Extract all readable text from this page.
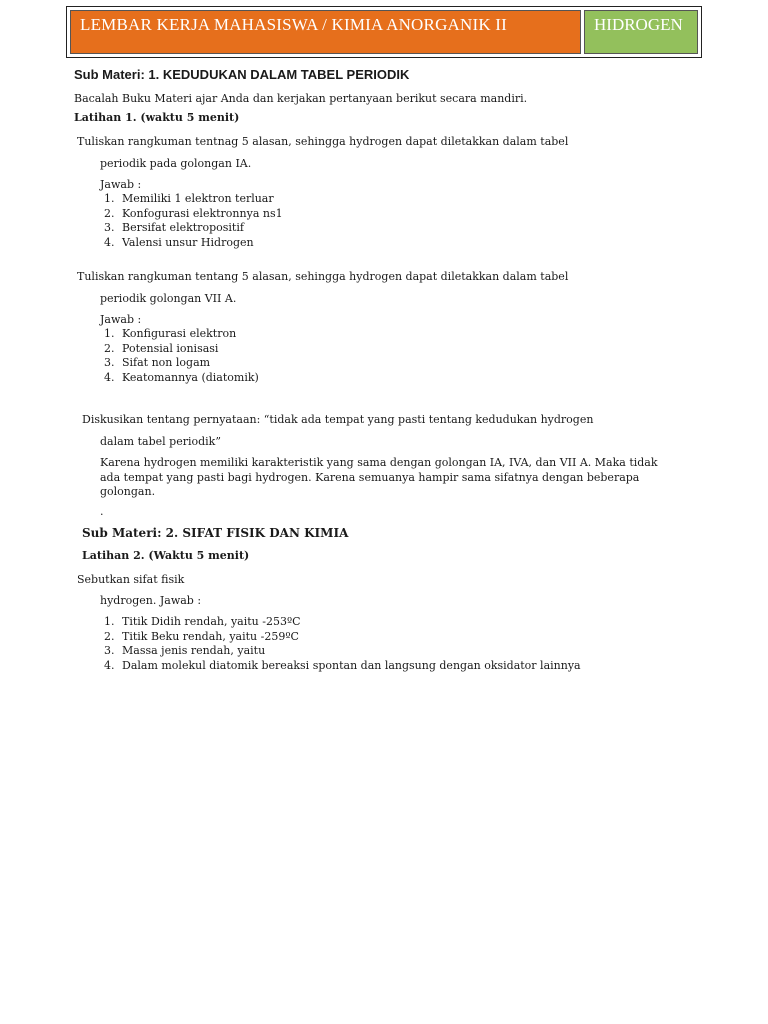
LEMBAR KERJA MAHASISWA / KIMIA ANORGANIK II	HIDROGEN
Sub Materi: 1. KEDUDUKAN DALAM TABEL PERIODIK
Bacalah Buku Materi ajar Anda dan kerjakan pertanyaan berikut secara mandiri.
Latihan 1. (waktu 5 menit)
Tuliskan rangkuman tentnag 5 alasan, sehingga hydrogen dapat diletakkan dalam tabel
periodik pada golongan IA.
Jawab :
1. Memiliki 1 elektron terluar
2. Konfogurasi elektronnya ns1
3. Bersifat elektropositif
4. Valensi unsur Hidrogen
Tuliskan rangkuman tentang 5 alasan, sehingga hydrogen dapat diletakkan dalam tabel
periodik golongan VII A.
Jawab :
1. Konfigurasi elektron
2. Potensial ionisasi
3. Sifat non logam
4. Keatomannya (diatomik)
Diskusikan tentang pernyataan: “tidak ada tempat yang pasti tentang kedudukan hydrogen
dalam tabel periodik”
Karena hydrogen memiliki karakteristik yang sama dengan golongan IA, IVA, dan VII A. Maka tidak ada tempat yang pasti bagi hydrogen. Karena semuanya hampir sama sifatnya dengan beberapa golongan.
.
Sub Materi: 2. SIFAT FISIK DAN KIMIA
Latihan 2. (Waktu 5 menit)
Sebutkan sifat fisik
hydrogen. Jawab :
1. Titik Didih rendah, yaitu -253ºC
2. Titik Beku rendah, yaitu -259ºC
3. Massa jenis rendah, yaitu
4. Dalam molekul diatomik bereaksi spontan dan langsung dengan oksidator lainnya
